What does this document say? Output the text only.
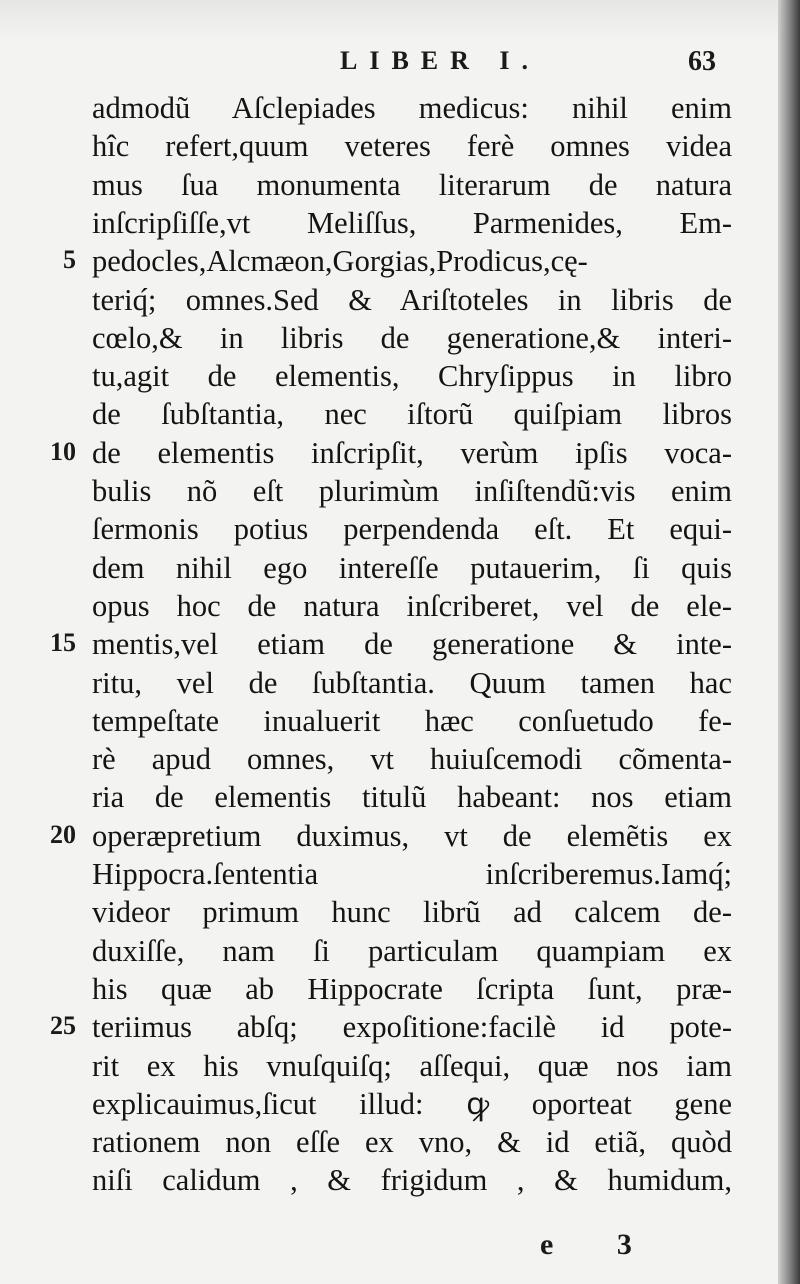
LIBER I.	63
5
10
15
20
25
admodũ Aſclepiades medicus: nihil enim
hîc refert,quum veteres ferè omnes videa
mus ſua monumenta literarum de natura
inſcripſiſſe,vt Meliſſus, Parmenides, Em-
pedocles,Alcmæon,Gorgias,Prodicus,cę-
teriq́; omnes.Sed & Ariſtoteles in libris de
cœlo,& in libris de generatione,& interi-
tu,agit de elementis, Chryſippus in libro
de ſubſtantia, nec iſtorũ quiſpiam libros
de elementis inſcripſit, verùm ipſis voca-
bulis nõ eſt plurimùm inſiſtendũ:vis enim
ſermonis potius perpendenda eſt. Et equi-
dem nihil ego intereſſe putauerim, ſi quis
opus hoc de natura inſcriberet, vel de ele-
mentis,vel etiam de generatione & inte-
ritu, vel de ſubſtantia. Quum tamen hac
tempeſtate inualuerit hæc conſuetudo fe-
rè apud omnes, vt huiuſcemodi cõmenta-
ria de elementis titulũ habeant: nos etiam
operæpretium duximus, vt de elemẽtis ex
Hippocra.ſententia inſcriberemus.Iamq́;
videor primum hunc librũ ad calcem de-
duxiſſe, nam ſi particulam quampiam ex
his quæ ab Hippocrate ſcripta ſunt, præ-
teriimus abſq; expoſitione:facilè id pote-
rit ex his vnuſquiſq; aſſequi, quæ nos iam
explicauimus,ſicut illud: ꝙ oporteat gene
rationem non eſſe ex vno, & id etiã, quòd
niſi calidum , & frigidum , & humidum,
e 3
